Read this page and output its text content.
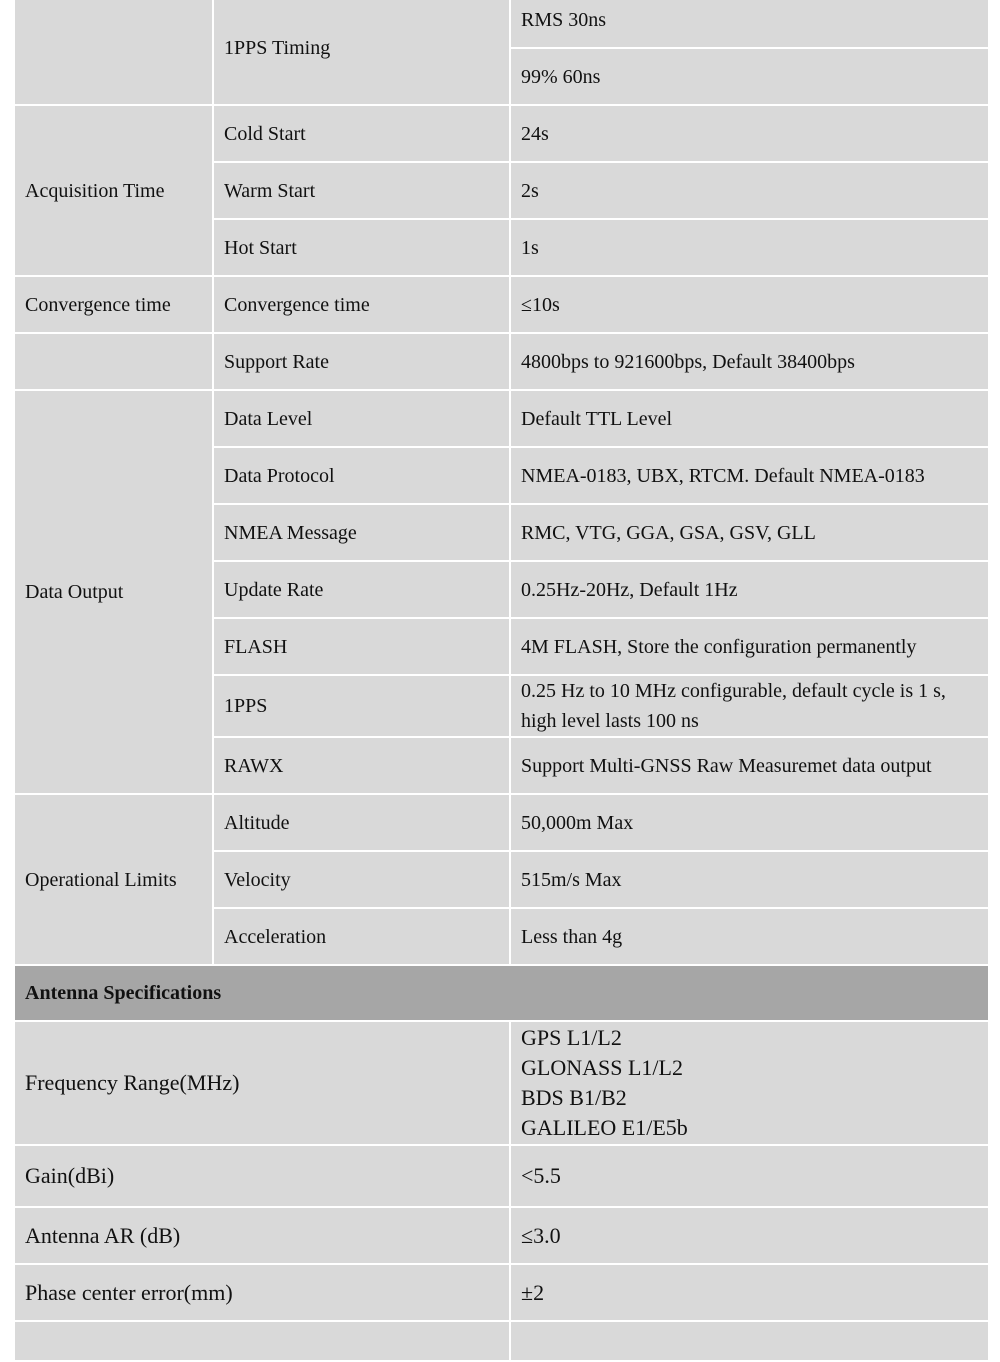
	1PPS Timing	RMS 30ns
		99% 60ns
Acquisition Time	Cold Start	24s
	Warm Start	2s
	Hot Start	1s
Convergence time	Convergence time	≤10s
	Support Rate	4800bps to 921600bps, Default 38400bps
Data Output	Data Level	Default TTL Level
	Data Protocol	NMEA-0183, UBX, RTCM. Default NMEA-0183
	NMEA Message	RMC, VTG, GGA, GSA, GSV, GLL
	Update Rate	0.25Hz-20Hz, Default 1Hz
	FLASH	4M FLASH, Store the configuration permanently
	1PPS	0.25 Hz to 10 MHz configurable, default cycle is 1 s, high level lasts 100 ns
	RAWX	Support Multi-GNSS Raw Measuremet data output
Operational Limits	Altitude	50,000m Max
	Velocity	515m/s Max
	Acceleration	Less than 4g
Antenna Specifications		
Frequency Range(MHz)		GPS L1/L2
GLONASS L1/L2
BDS B1/B2
GALILEO E1/E5b

Gain(dBi)		<5.5
Antenna AR (dB)		≤3.0
Phase center error(mm)		±2
